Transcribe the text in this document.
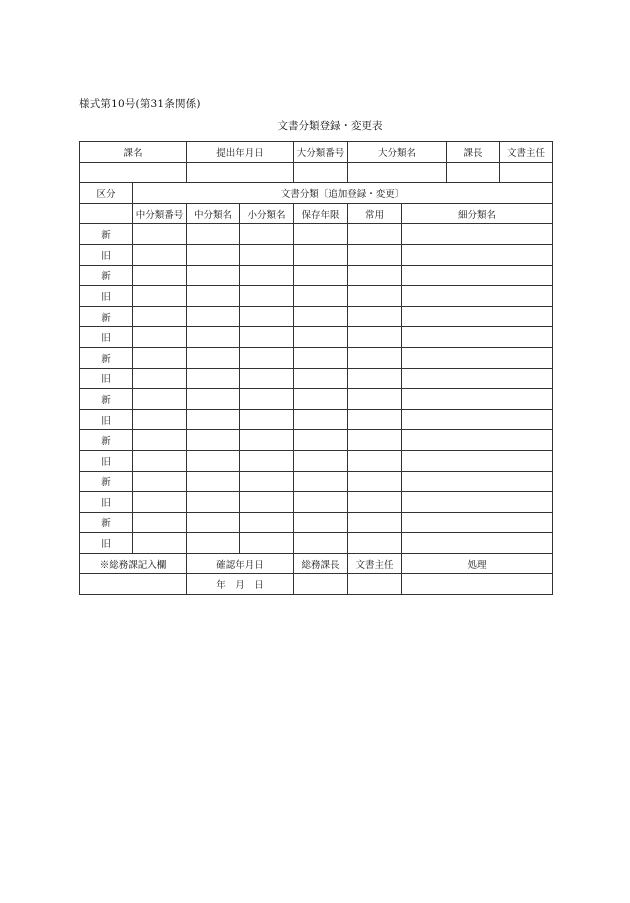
様式第10号(第31条関係)
文書分類登録・変更表
課名		提出年月日		大分類番号	大分類名		課長	文書主任

区分	文書分類〔追加登録・変更〕							
	中分類番号	中分類名	小分類名	保存年限	常用	細分類名		
新								
旧								
新								
旧								
新								
旧								
新								
旧								
新								
旧								
新								
旧								
新								
旧								
新								
旧								
※総務課記入欄		確認年月日		総務課長	文書主任	処理		
		年　月　日						
